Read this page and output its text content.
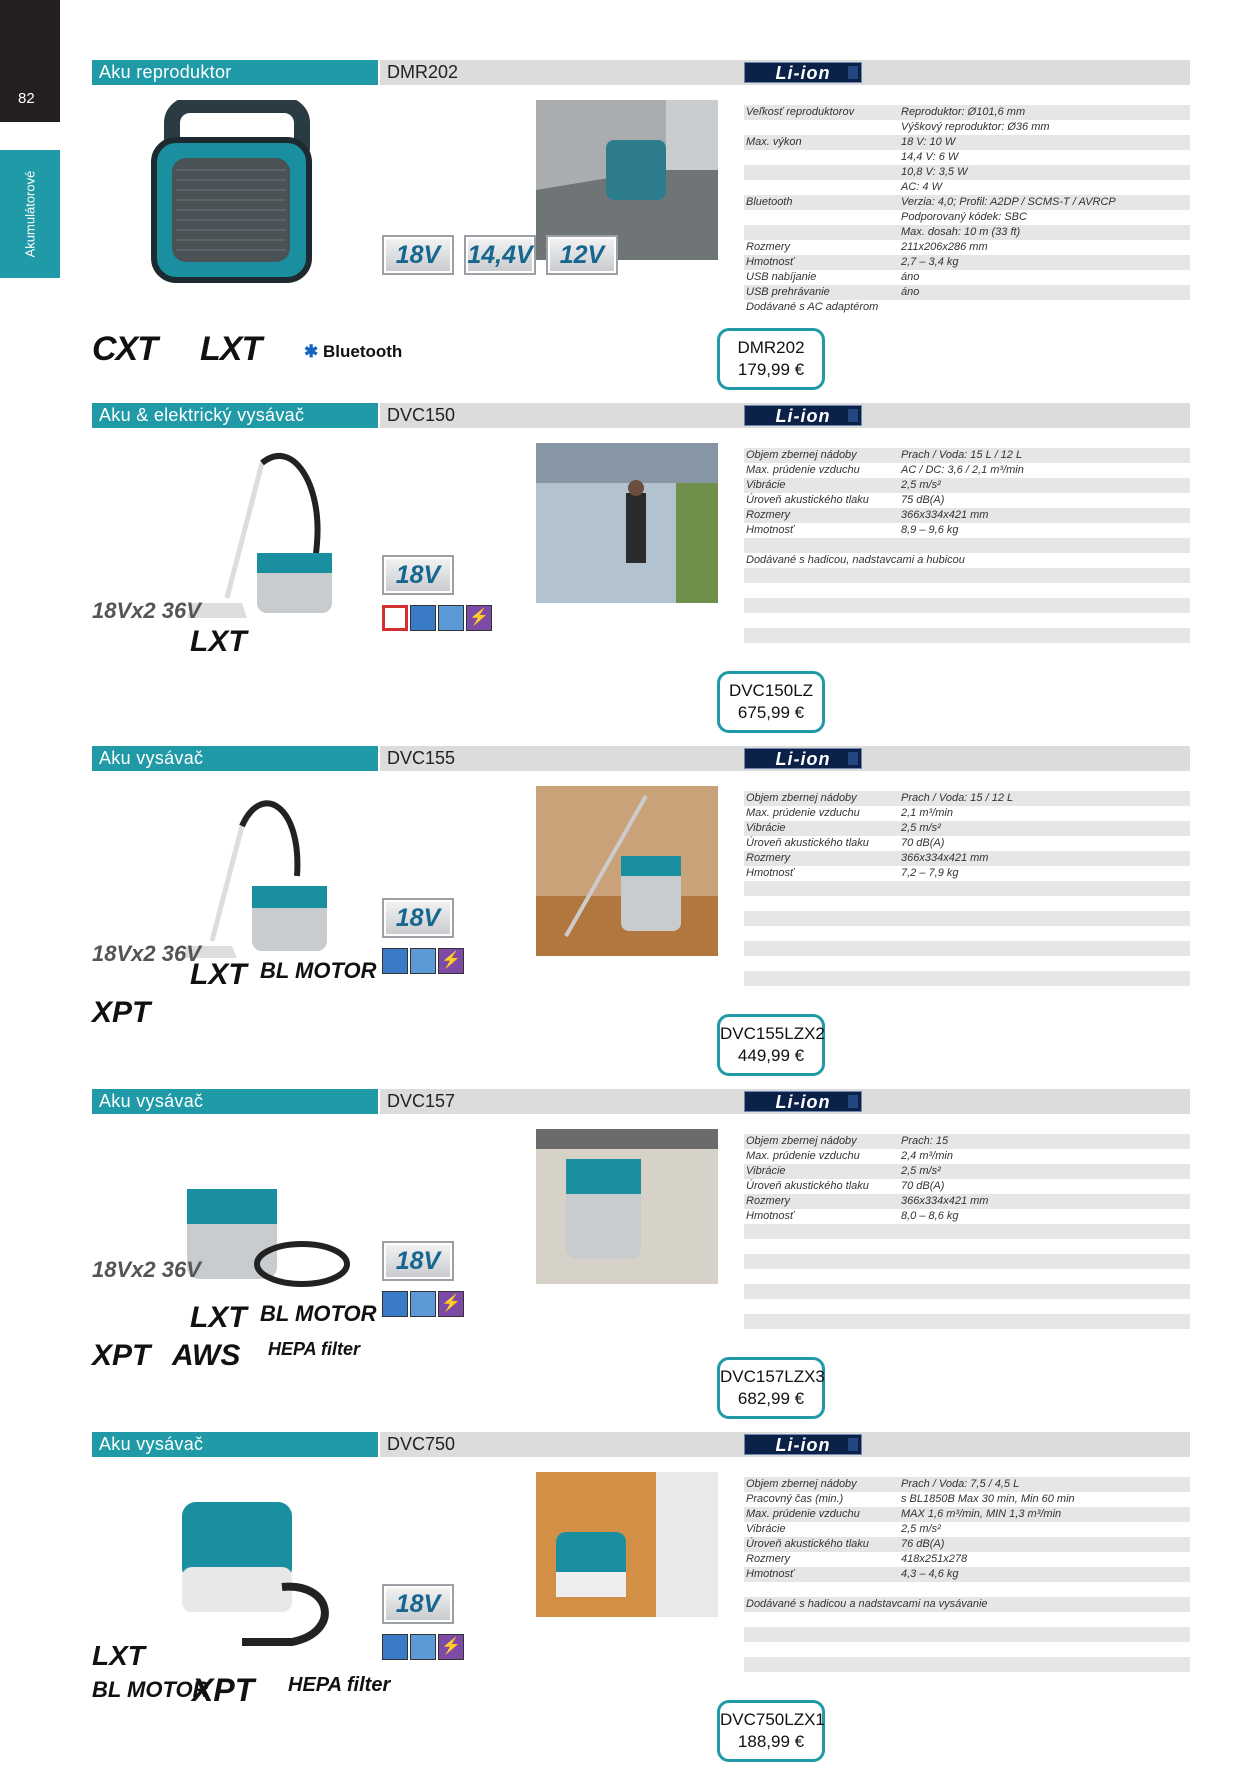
82
Akumulátorové
Aku reproduktor	DMR202	Li-ion
18V	14,4V	12V
CXT LXT	✱ Bluetooth
Veľkosť reproduktorov	Reproduktor: Ø101,6 mm
Výškový reproduktor: Ø36 mm
Max. výkon	18 V: 10 W
14,4 V: 6 W
10,8 V: 3,5 W
AC: 4 W
Bluetooth	Verzia: 4,0; Profil: A2DP / SCMS-T / AVRCP
Podporovaný kódek: SBC
Max. dosah: 10 m (33 ft)
Rozmery	211x206x286 mm
Hmotnosť	2,7 – 3,4 kg
USB nabíjanie	áno
USB prehrávanie	áno
Dodávané s AC adaptérom
DMR202
179,99 €
Aku & elektrický vysávač	DVC150	Li-ion
18V
⚡
18Vx2 36V
LXT
Objem zbernej nádoby	Prach / Voda: 15 L / 12 L
Max. prúdenie vzduchu	AC / DC: 3,6 / 2,1 m³/min
Vibrácie	2,5 m/s²
Úroveň akustického tlaku	75 dB(A)
Rozmery	366x334x421 mm
Hmotnosť	8,9 – 9,6 kg
Dodávané s hadicou, nadstavcami a hubicou
DVC150LZ
675,99 €
Aku vysávač	DVC155	Li-ion
18V
⚡
18Vx2 36V
LXT BL MOTOR
XPT
Objem zbernej nádoby	Prach / Voda: 15 / 12 L
Max. prúdenie vzduchu	2,1 m³/min
Vibrácie	2,5 m/s²
Úroveň akustického tlaku	70 dB(A)
Rozmery	366x334x421 mm
Hmotnosť	7,2 – 7,9 kg
DVC155LZX2
449,99 €
Aku vysávač	DVC157	Li-ion
18V
⚡
18Vx2 36V
LXT BL MOTOR
XPT AWS HEPA filter
Objem zbernej nádoby	Prach: 15
Max. prúdenie vzduchu	2,4 m³/min
Vibrácie	2,5 m/s²
Úroveň akustického tlaku	70 dB(A)
Rozmery	366x334x421 mm
Hmotnosť	8,0 – 8,6 kg
DVC157LZX3
682,99 €
Aku vysávač	DVC750	Li-ion
18V
⚡
LXT
BL MOTOR
XPT HEPA filter
Objem zbernej nádoby	Prach / Voda: 7,5 / 4,5 L
Pracovný čas (min.)	s BL1850B Max 30 min, Min 60 min
Max. prúdenie vzduchu	MAX 1,6 m³/min, MIN 1,3 m³/min
Vibrácie	2,5 m/s²
Úroveň akustického tlaku	76 dB(A)
Rozmery	418x251x278
Hmotnosť	4,3 – 4,6 kg
Dodávané s hadicou a nadstavcami na vysávanie
DVC750LZX1
188,99 €
